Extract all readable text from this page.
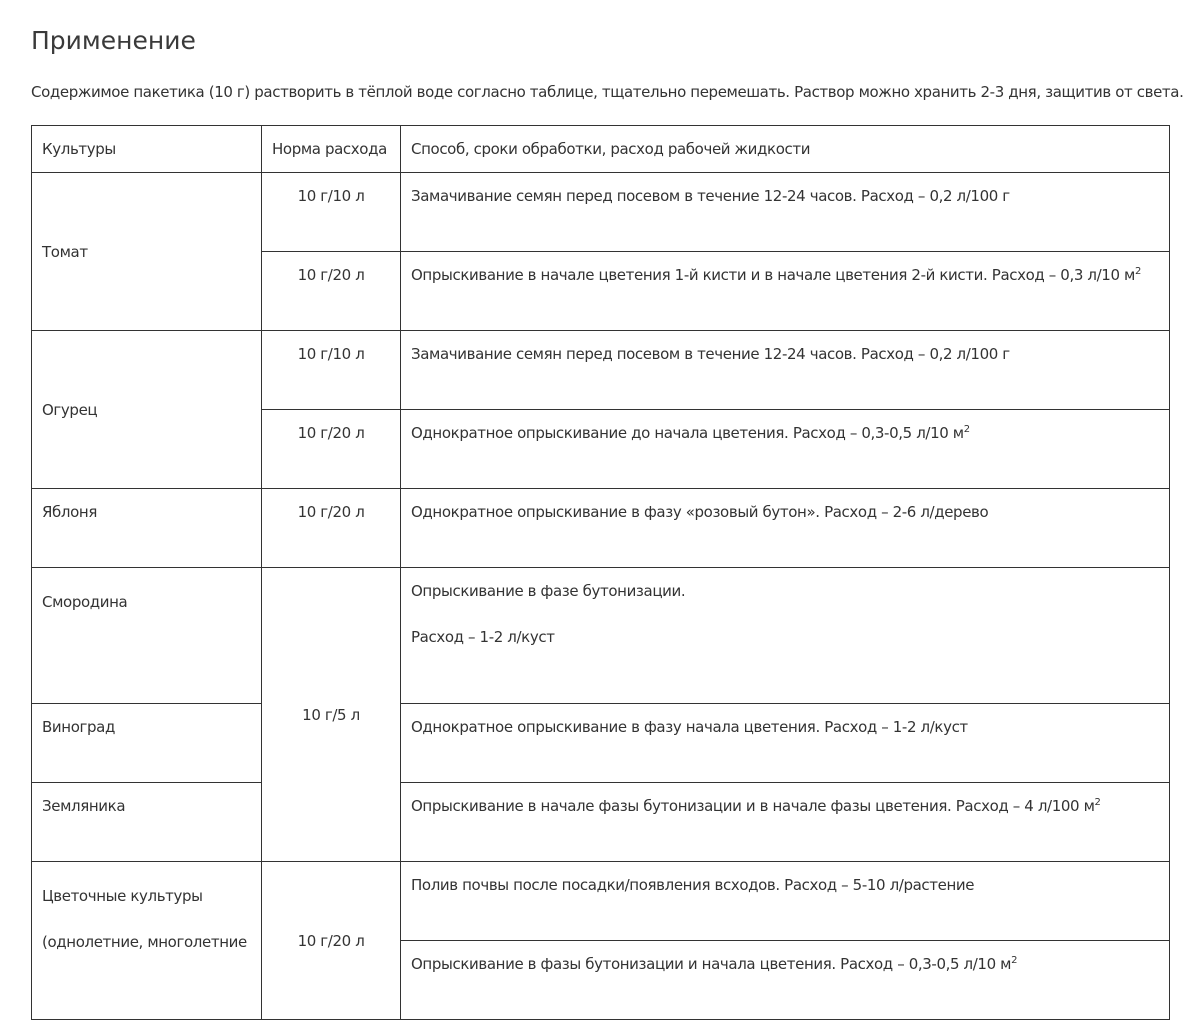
Применение

Содержимое пакетика (10 г) растворить в тёплой воде согласно таблице, тщательно перемешать. Раствор можно хранить 2-3 дня, защитив от света.

Культуры	Норма расхода	Способ, сроки обработки, расход рабочей жидкости
Томат	10 г/10 л	Замачивание семян перед посевом в течение 12-24 часов. Расход – 0,2 л/100 г
	10 г/20 л	Опрыскивание в начале цветения 1-й кисти и в начале цветения 2-й кисти. Расход – 0,3 л/10 $м^2$
Огурец	10 г/10 л	Замачивание семян перед посевом в течение 12-24 часов. Расход – 0,2 л/100 г
	10 г/20 л	Однократное опрыскивание до начала цветения. Расход – 0,3-0,5 л/10 $м^2$
Яблоня	10 г/20 л	Однократное опрыскивание в фазу «розовый бутон». Расход – 2-6 л/дерево
Смородина	10 г/5 л	Опрыскивание в фазе бутонизации.
Расход – 1-2 л/куст

Виноград		Однократное опрыскивание в фазу начала цветения. Расход – 1-2 л/куст
Земляника		Опрыскивание в начале фазы бутонизации и в начале фазы цветения. Расход – 4 л/100 $м^2$
Цветочные культуры
(однолетние, многолетние	10 г/20 л	Полив почвы после посадки/появления всходов. Расход – 5-10 л/растение
		Опрыскивание в фазы бутонизации и начала цветения. Расход – 0,3-0,5 л/10 $м^2$
